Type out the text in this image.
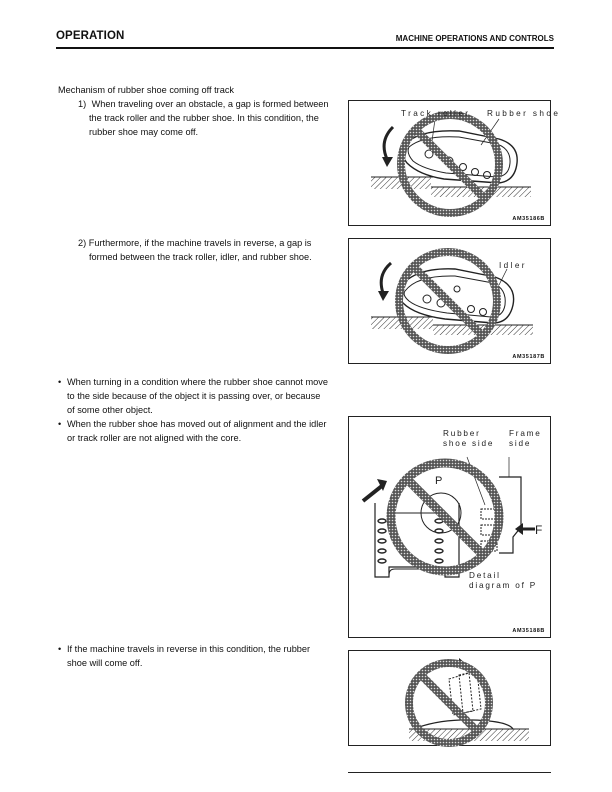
OPERATION	MACHINE OPERATIONS AND CONTROLS
Mechanism of rubber shoe coming off track
1) When traveling over an obstacle, a gap is formed between
the track roller and the rubber shoe. In this condition, the
rubber shoe may come off.
2) Furthermore, if the machine travels in reverse, a gap is
formed between the track roller, idler, and rubber shoe.
• When turning in a condition where the rubber shoe cannot move
to the side because of the object it is passing over, or because
of some other object.
• When the rubber shoe has moved out of alignment and the idler
or track roller are not aligned with the core.
• If the machine travels in reverse in this condition, the rubber
shoe will come off.
Track roller Rubber shoe
AM35186B
Idler
AM35187B
Rubber
shoe side
Frame
side
P
F
Detail
diagram of P
AM35188B
